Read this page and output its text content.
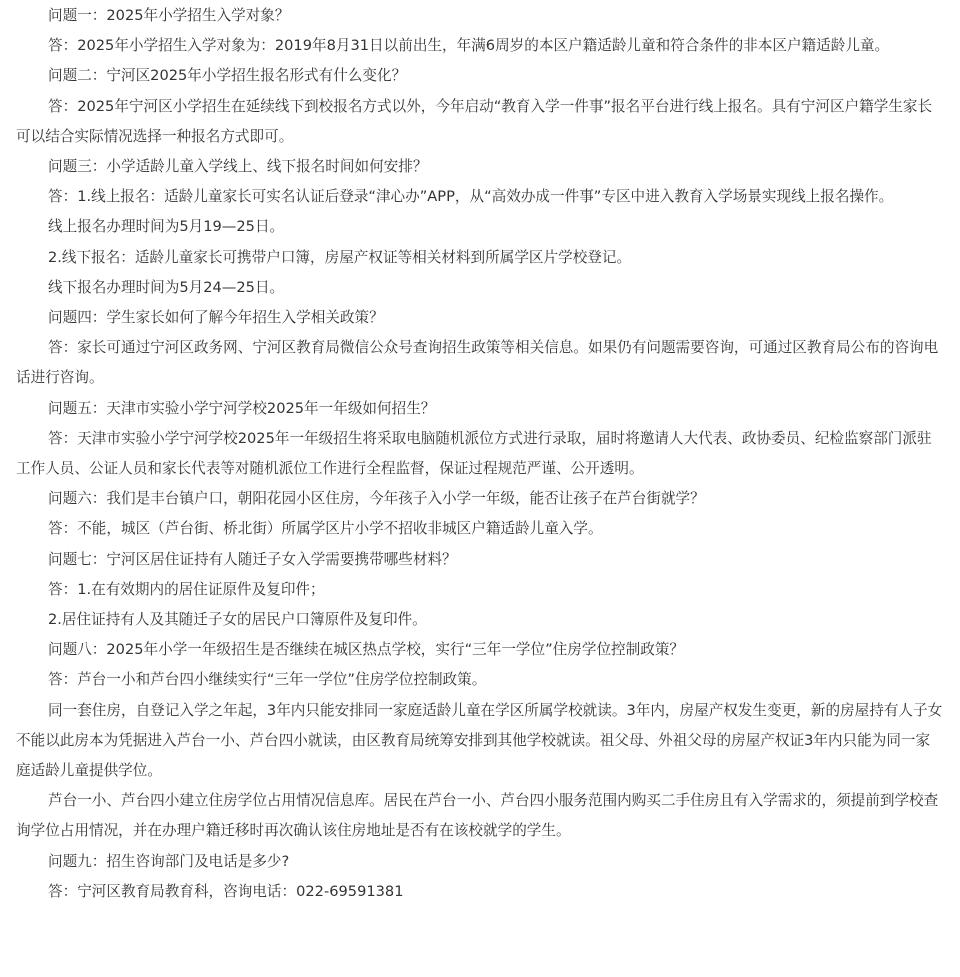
问题一：2025年小学招生入学对象？

答：2025年小学招生入学对象为：2019年8月31日以前出生，年满6周岁的本区户籍适龄儿童和符合条件的非本区户籍适龄儿童。

问题二：宁河区2025年小学招生报名形式有什么变化？

答：2025年宁河区小学招生在延续线下到校报名方式以外，今年启动“教育入学一件事”报名平台进行线上报名。具有宁河区户籍学生家长可以结合实际情况选择一种报名方式即可。

问题三：小学适龄儿童入学线上、线下报名时间如何安排？

答：1.线上报名：适龄儿童家长可实名认证后登录“津心办”APP，从“高效办成一件事”专区中进入教育入学场景实现线上报名操作。

线上报名办理时间为5月19—25日。

2.线下报名：适龄儿童家长可携带户口簿，房屋产权证等相关材料到所属学区片学校登记。

线下报名办理时间为5月24—25日。

问题四：学生家长如何了解今年招生入学相关政策？

答：家长可通过宁河区政务网、宁河区教育局微信公众号查询招生政策等相关信息。如果仍有问题需要咨询，可通过区教育局公布的咨询电话进行咨询。

问题五：天津市实验小学宁河学校2025年一年级如何招生？

答：天津市实验小学宁河学校2025年一年级招生将采取电脑随机派位方式进行录取，届时将邀请人大代表、政协委员、纪检监察部门派驻工作人员、公证人员和家长代表等对随机派位工作进行全程监督，保证过程规范严谨、公开透明。

问题六：我们是丰台镇户口，朝阳花园小区住房，今年孩子入小学一年级，能否让孩子在芦台街就学？

答：不能，城区（芦台街、桥北街）所属学区片小学不招收非城区户籍适龄儿童入学。

问题七：宁河区居住证持有人随迁子女入学需要携带哪些材料？

答：1.在有效期内的居住证原件及复印件；

2.居住证持有人及其随迁子女的居民户口簿原件及复印件。

问题八：2025年小学一年级招生是否继续在城区热点学校，实行“三年一学位”住房学位控制政策？

答：芦台一小和芦台四小继续实行“三年一学位”住房学位控制政策。

同一套住房，自登记入学之年起，3年内只能安排同一家庭适龄儿童在学区所属学校就读。3年内，房屋产权发生变更，新的房屋持有人子女不能以此房本为凭据进入芦台一小、芦台四小就读，由区教育局统筹安排到其他学校就读。祖父母、外祖父母的房屋产权证3年内只能为同一家庭适龄儿童提供学位。

芦台一小、芦台四小建立住房学位占用情况信息库。居民在芦台一小、芦台四小服务范围内购买二手住房且有入学需求的，须提前到学校查询学位占用情况，并在办理户籍迁移时再次确认该住房地址是否有在该校就学的学生。

问题九：招生咨询部门及电话是多少?

答：宁河区教育局教育科，咨询电话：022-69591381
